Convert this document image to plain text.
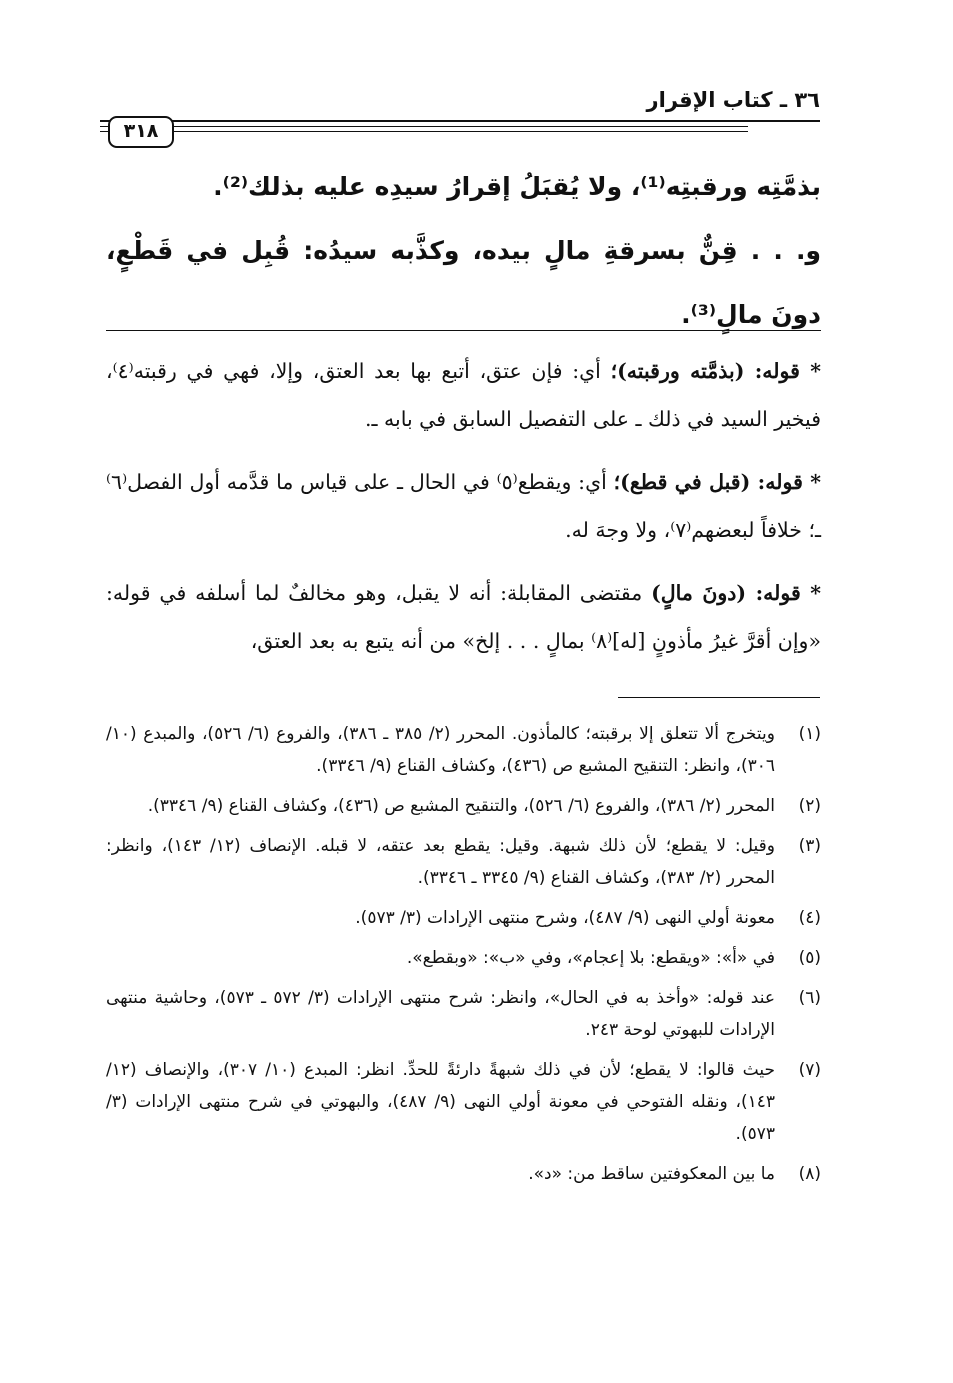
٣٦ ـ كتاب الإقرار
٣١٨

بذمَّتِه ورقبتِه⁽¹⁾، ولا يُقبَلُ إقرارُ سيدِه عليه بذلك⁽²⁾.

و. . . قِنٌّ بسرقةِ مالٍ بيده، وكذَّبه سيدُه: قُبِل في قَطْعٍ، دونَ مالٍ⁽³⁾.

* قوله: (بذمَّته ورقبته)؛ أي: فإن عتق، أتبع بها بعد العتق، وإلا، فهي في رقبته⁽٤⁾، فيخير السيد في ذلك ـ على التفصيل السابق في بابه ـ.

* قوله: (قبل في قطع)؛ أي: ويقطع⁽٥⁾ في الحال ـ على قياس ما قدَّمه أول الفصل⁽٦⁾ ـ؛ خلافاً لبعضهم⁽٧⁾، ولا وجهَ له.

* قوله: (دونَ مالٍ) مقتضى المقابلة: أنه لا يقبل، وهو مخالفٌ لما أسلفه في قوله: «وإن أقرَّ غيرُ مأذونٍ [له]⁽٨⁾ بمالٍ . . . إلخ» من أنه يتبع به بعد العتق،

(١)
ويتخرج ألا تتعلق إلا برقبته؛ كالمأذون. المحرر (٢/ ٣٨٥ ـ ٣٨٦)، والفروع (٦/ ٥٢٦)، والمبدع (١٠/ ٣٠٦)، وانظر: التنقيح المشبع ص (٤٣٦)، وكشاف القناع (٩/ ٣٣٤٦).
(٢)
المحرر (٢/ ٣٨٦)، والفروع (٦/ ٥٢٦)، والتنقيح المشبع ص (٤٣٦)، وكشاف القناع (٩/ ٣٣٤٦).
(٣)
وقيل: لا يقطع؛ لأن ذلك شبهة. وقيل: يقطع بعد عتقه، لا قبله. الإنصاف (١٢/ ١٤٣)، وانظر: المحرر (٢/ ٣٨٣)، وكشاف القناع (٩/ ٣٣٤٥ ـ ٣٣٤٦).
(٤)
معونة أولي النهى (٩/ ٤٨٧)، وشرح منتهى الإرادات (٣/ ٥٧٣).
(٥)
في «أ»: «ويقطع: بلا إعجام»، وفي «ب»: «وبقطع».
(٦)
عند قوله: «وأخذ به في الحال»، وانظر: شرح منتهى الإرادات (٣/ ٥٧٢ ـ ٥٧٣)، وحاشية منتهى الإرادات للبهوتي لوحة ٢٤٣.
(٧)
حيث قالوا: لا يقطع؛ لأن في ذلك شبهةً دارئةً للحدِّ. انظر: المبدع (١٠/ ٣٠٧)، والإنصاف (١٢/ ١٤٣)، ونقله الفتوحي في معونة أولي النهى (٩/ ٤٨٧)، والبهوتي في شرح منتهى الإرادات (٣/ ٥٧٣).
(٨)
ما بين المعكوفتين ساقط من: «د».
